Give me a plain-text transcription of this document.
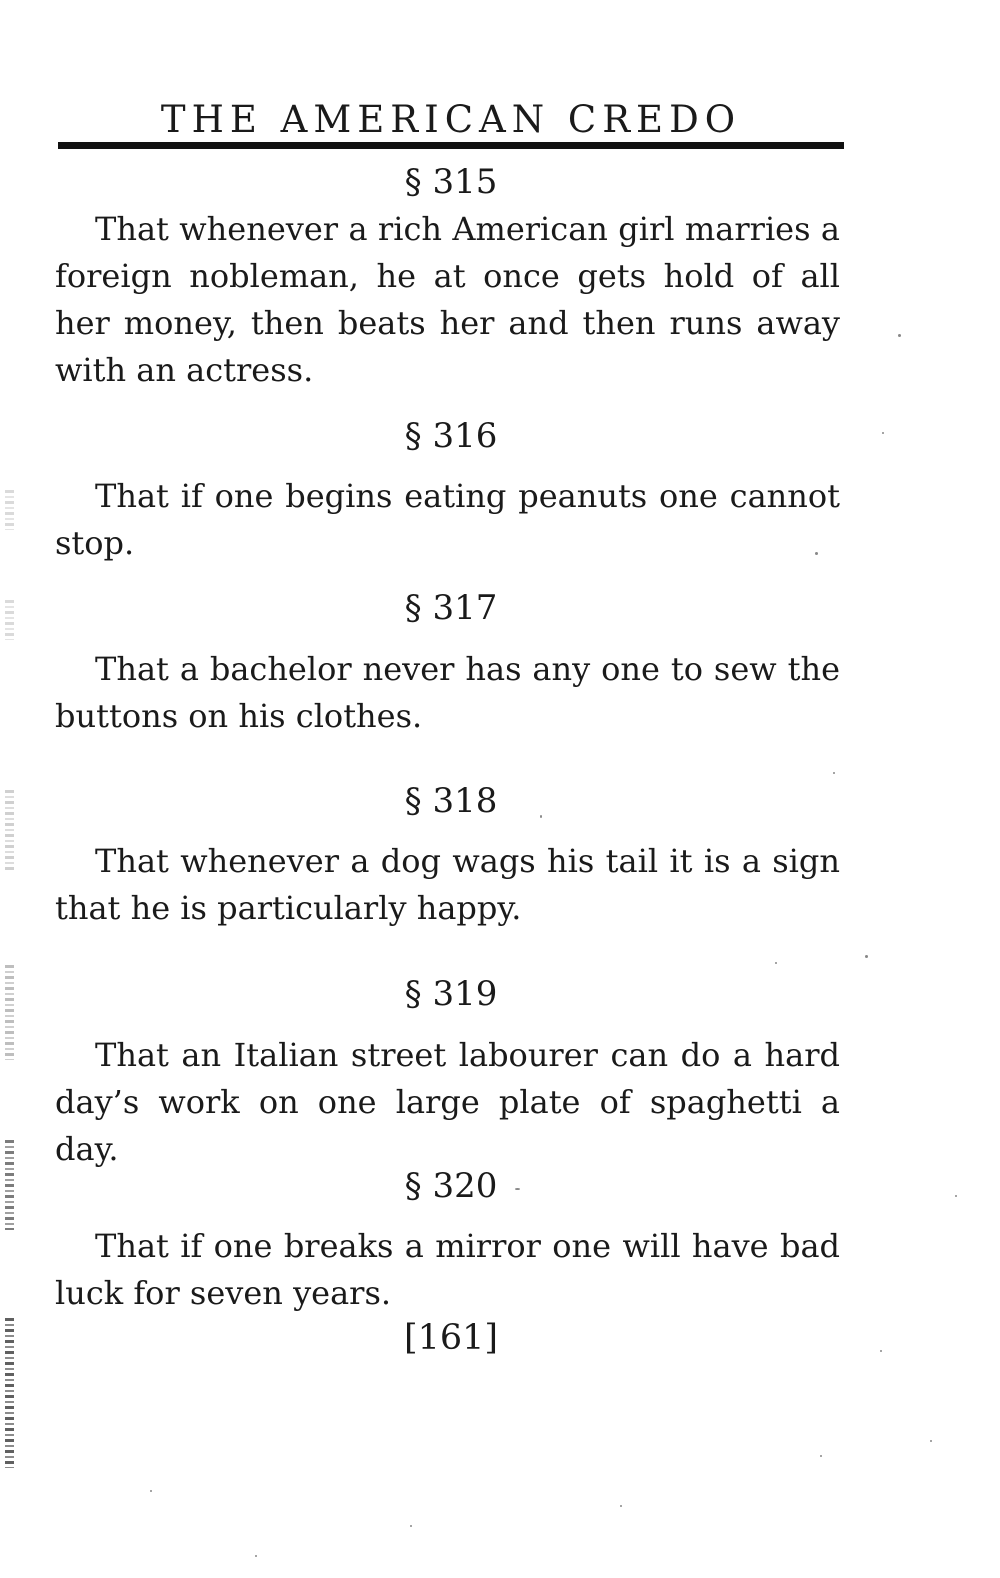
THE AMERICAN CREDO

§ 315

That whenever a rich American girl marries a foreign nobleman, he at once gets hold of all her money, then beats her and then runs away with an actress.

§ 316

That if one begins eating peanuts one cannot stop.

§ 317

That a bachelor never has any one to sew the buttons on his clothes.

§ 318

That whenever a dog wags his tail it is a sign that he is particularly happy.

§ 319

That an Italian street labourer can do a hard day’s work on one large plate of spaghetti a day.

§ 320

That if one breaks a mirror one will have bad luck for seven years.

[161]
